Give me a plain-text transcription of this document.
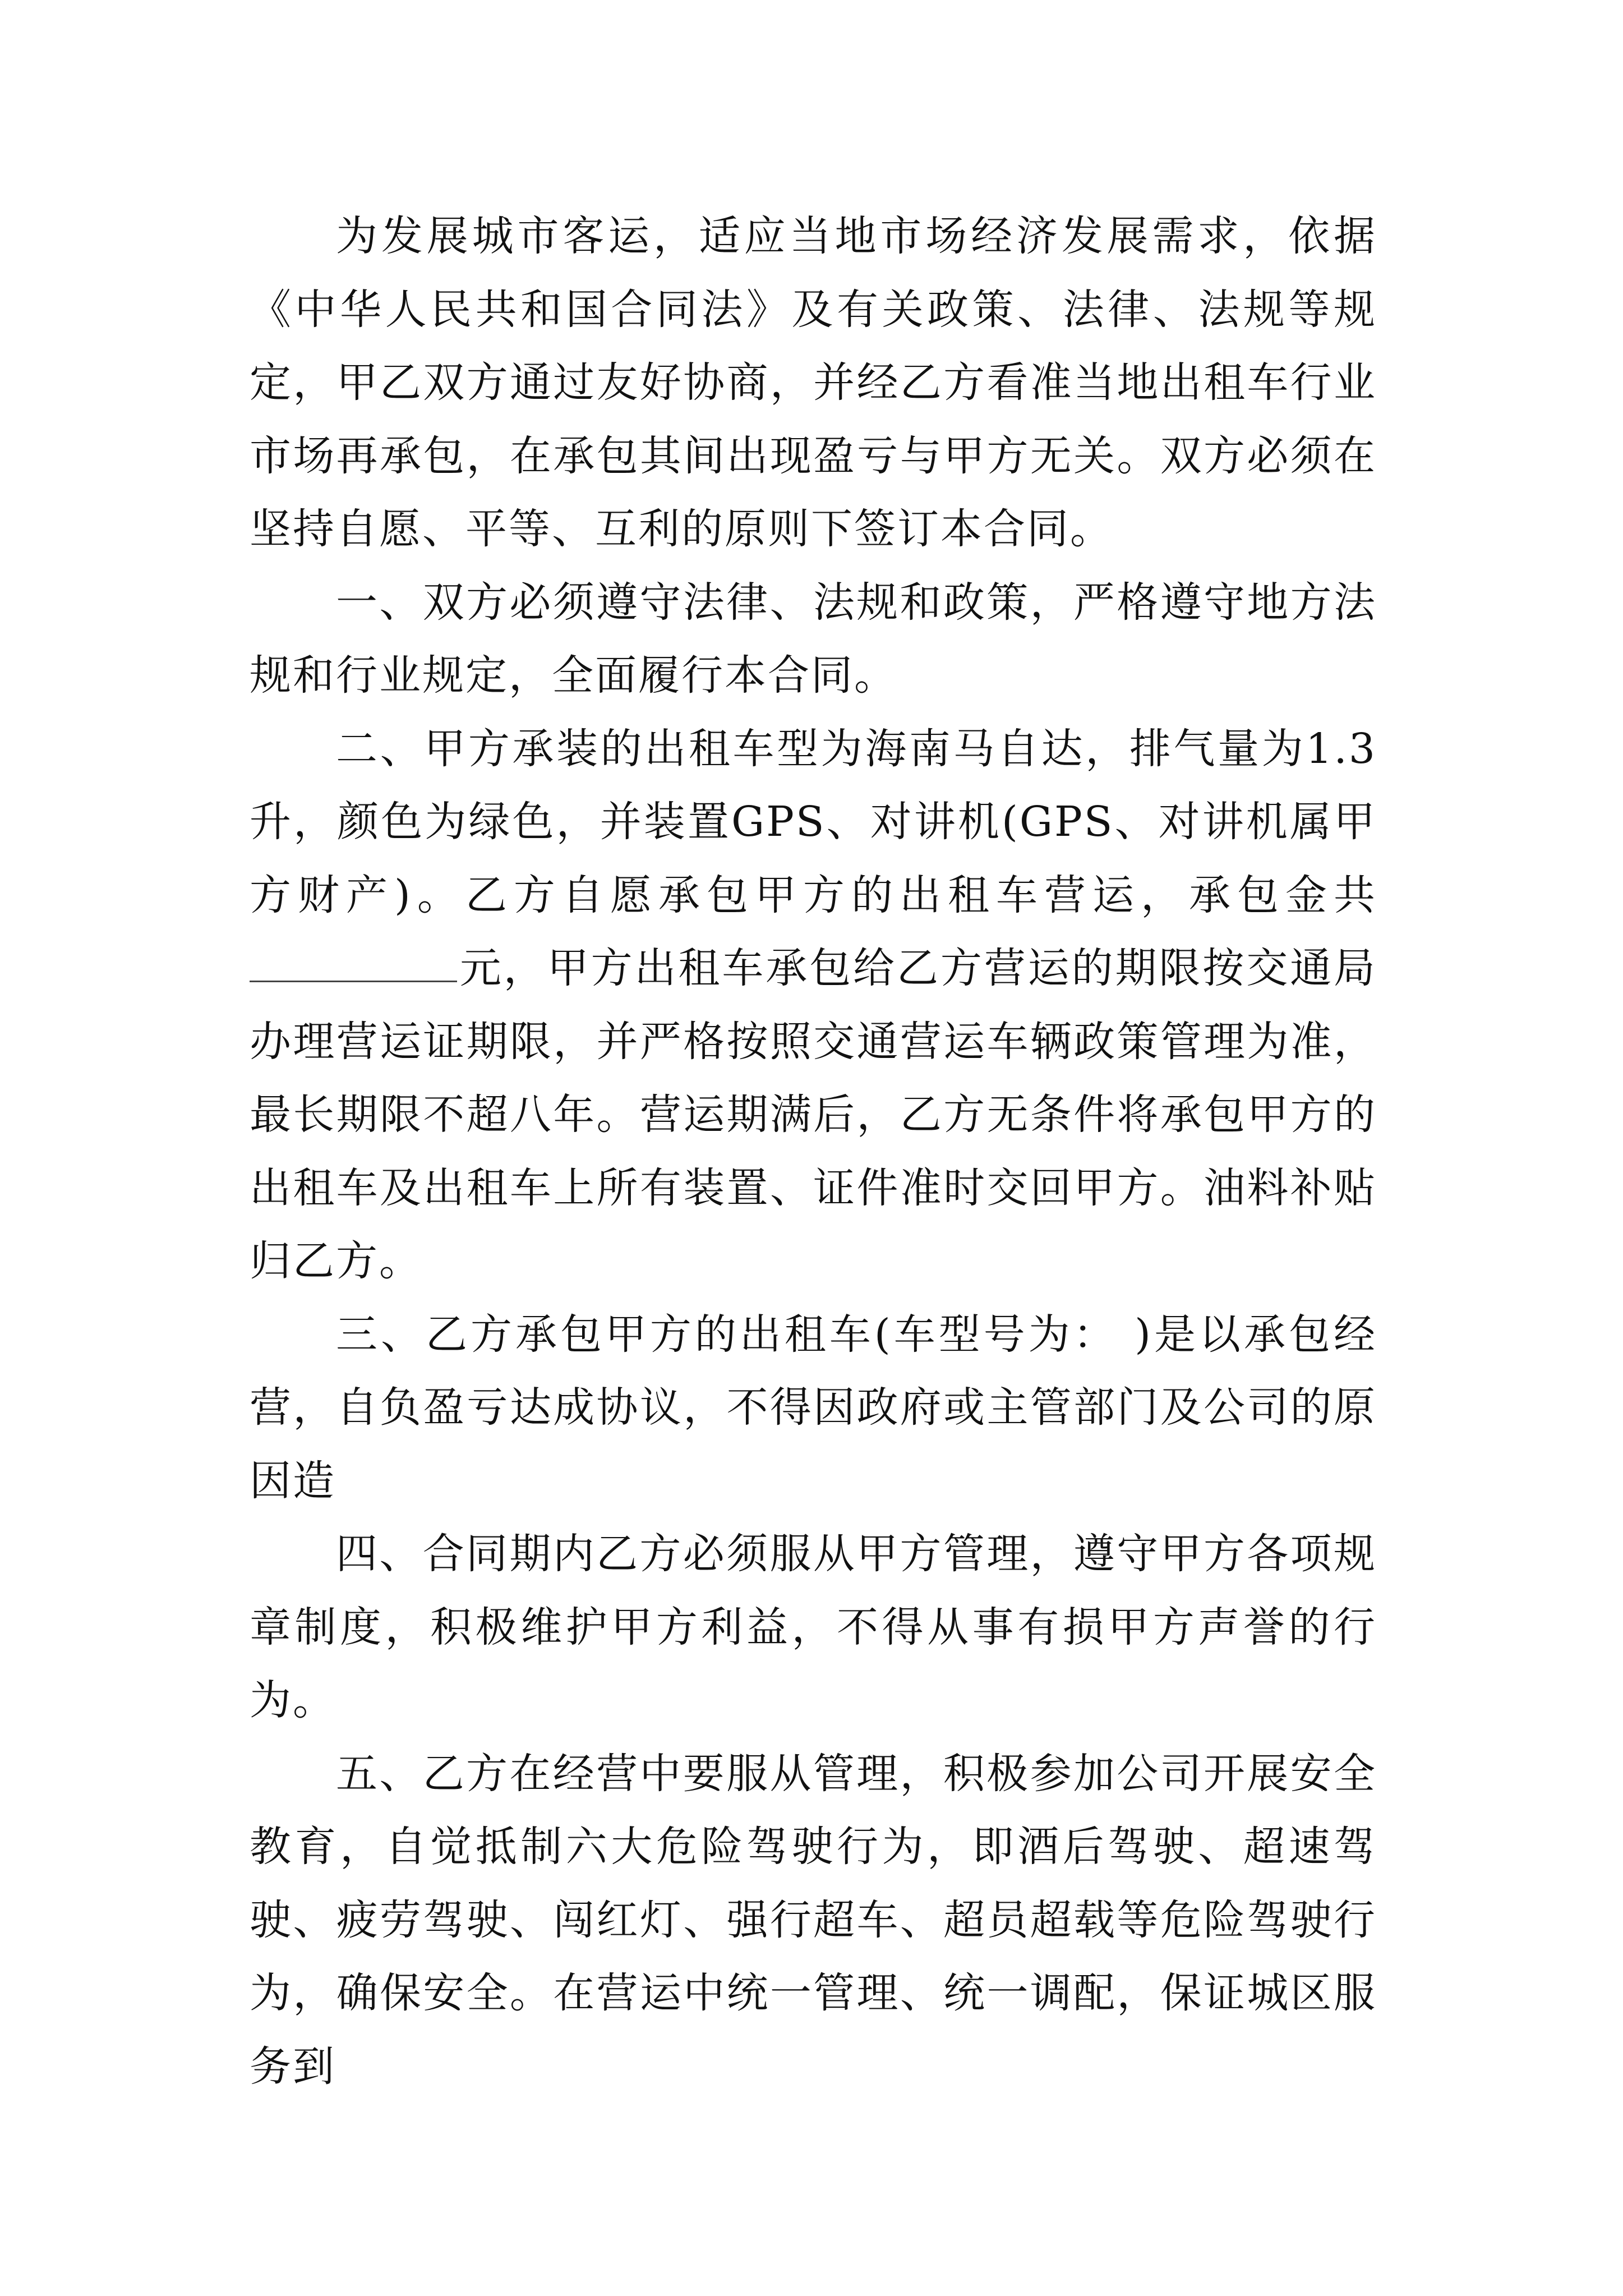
为发展城市客运，适应当地市场经济发展需求，依据《中华人民共和国合同法》及有关政策、法律、法规等规定，甲乙双方通过友好协商，并经乙方看准当地出租车行业市场再承包，在承包其间出现盈亏与甲方无关。双方必须在坚持自愿、平等、互利的原则下签订本合同。

一、双方必须遵守法律、法规和政策，严格遵守地方法规和行业规定，全面履行本合同。

二、甲方承装的出租车型为海南马自达，排气量为1.3升，颜色为绿色，并装置GPS、对讲机(GPS、对讲机属甲方财产)。乙方自愿承包甲方的出租车营运，承包金共元，甲方出租车承包给乙方营运的期限按交通局办理营运证期限，并严格按照交通营运车辆政策管理为准，最长期限不超八年。营运期满后，乙方无条件将承包甲方的出租车及出租车上所有装置、证件准时交回甲方。油料补贴归乙方。

三、乙方承包甲方的出租车(车型号为： )是以承包经营，自负盈亏达成协议，不得因政府或主管部门及公司的原因造

四、合同期内乙方必须服从甲方管理，遵守甲方各项规章制度，积极维护甲方利益，不得从事有损甲方声誉的行为。

五、乙方在经营中要服从管理，积极参加公司开展安全教育，自觉抵制六大危险驾驶行为，即酒后驾驶、超速驾驶、疲劳驾驶、闯红灯、强行超车、超员超载等危险驾驶行为，确保安全。在营运中统一管理、统一调配，保证城区服务到
